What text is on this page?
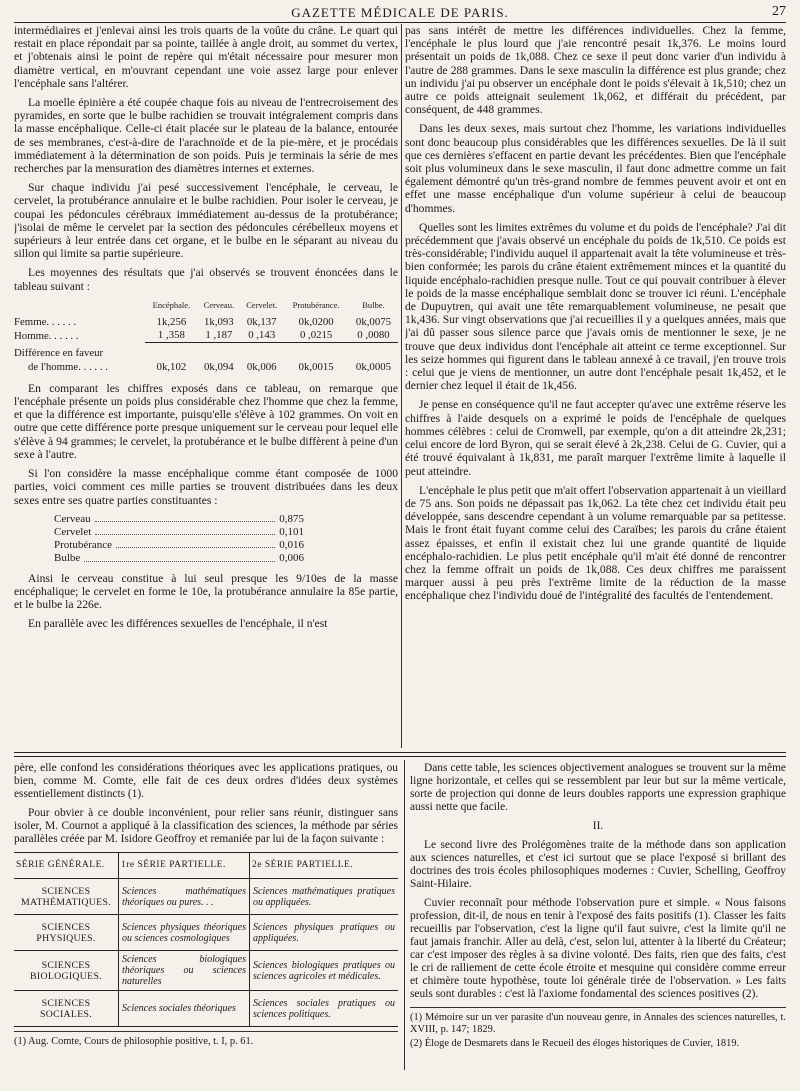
GAZETTE MÉDICALE DE PARIS.	27

intermédiaires et j'enlevai ainsi les trois quarts de la voûte du crâne. Le quart qui restait en place répondait par sa pointe, taillée à angle droit, au sommet du vertex, et j'obtenais ainsi le point de repère qui m'était nécessaire pour mesurer mon diamètre vertical, en m'ouvrant cependant une voie assez large pour enlever l'encéphale sans l'altérer.

La moelle épinière a été coupée chaque fois au niveau de l'entrecroisement des pyramides, en sorte que le bulbe rachidien se trouvait intégralement compris dans la masse encéphalique. Celle-ci était placée sur le plateau de la balance, entourée de ses membranes, c'est-à-dire de l'arachnoïde et de la pie-mère, et je procédais immédiatement à la détermination de son poids. Puis je terminais la série de mes recherches par la mensuration des diamètres internes et externes.

Sur chaque individu j'ai pesé successivement l'encéphale, le cerveau, le cervelet, la protubérance annulaire et le bulbe rachidien. Pour isoler le cerveau, je coupai les pédoncules cérébraux immédiatement au-dessus de la protubérance; j'isolai de même le cervelet par la section des pédoncules cérébelleux moyens et supérieurs à leur entrée dans cet organe, et le bulbe en le séparant au niveau du sillon qui limite sa partie supérieure.

Les moyennes des résultats que j'ai observés se trouvent énoncées dans le tableau suivant :

	Encéphale.	Cerveau.	Cervelet.	Protubérance.	Bulbe.
Femme. . . . . .	1k,256	1k,093	0k,137	0k,0200	0k,0075
Homme. . . . . .	1 ,358	1 ,187	0 ,143	0 ,0215	0 ,0080

Différence en faveur					
de l'homme. . . . . .	0k,102	0k,094	0k,006	0k,0015	0k,0005

En comparant les chiffres exposés dans ce tableau, on remarque que l'encéphale présente un poids plus considérable chez l'homme que chez la femme, et que la différence est importante, puisqu'elle s'élève à 102 grammes. On voit en outre que cette différence porte presque uniquement sur le cerveau pour lequel elle s'élève à 94 grammes; le cervelet, la protubérance et le bulbe diffèrent à peine d'un sexe à l'autre.

Si l'on considère la masse encéphalique comme étant composée de 1000 parties, voici comment ces mille parties se trouvent distribuées dans les deux sexes entre ses quatre parties constituantes :

Cerveau	0,875
Cervelet	0,101
Protubérance	0,016
Bulbe	0,006

Ainsi le cerveau constitue à lui seul presque les 9/10es de la masse encéphalique; le cervelet en forme le 10e, la protubérance annulaire la 85e partie, et le bulbe la 226e.

En parallèle avec les différences sexuelles de l'encéphale, il n'est

pas sans intérêt de mettre les différences individuelles. Chez la femme, l'encéphale le plus lourd que j'aie rencontré pesait 1k,376. Le moins lourd présentait un poids de 1k,088. Chez ce sexe il peut donc varier d'un individu à l'autre de 288 grammes. Dans le sexe masculin la différence est plus grande; chez un individu j'ai pu observer un encéphale dont le poids s'élevait à 1k,510; chez un autre ce poids atteignait seulement 1k,062, et différait du précédent, par conséquent, de 448 grammes.

Dans les deux sexes, mais surtout chez l'homme, les variations individuelles sont donc beaucoup plus considérables que les différences sexuelles. De là il suit que ces dernières s'effacent en partie devant les précédentes. Bien que l'encéphale soit plus volumineux dans le sexe masculin, il faut donc admettre comme un fait également démontré qu'un très-grand nombre de femmes peuvent avoir et ont en effet une masse encéphalique d'un volume supérieur à celui de beaucoup d'hommes.

Quelles sont les limites extrêmes du volume et du poids de l'encéphale? J'ai dit précédemment que j'avais observé un encéphale du poids de 1k,510. Ce poids est très-considérable; l'individu auquel il appartenait avait la tête volumineuse et très-bien conformée; les parois du crâne étaient extrêmement minces et la quantité du liquide encéphalo-rachidien presque nulle. Tout ce qui pouvait contribuer à élever le poids de la masse encéphalique semblait donc se trouver ici réuni. L'encéphale de Dupuytren, qui avait une tête remarquablement volumineuse, ne pesait que 1k,436. Sur vingt observations que j'ai recueillies il y a quelques années, mais que j'ai dû passer sous silence parce que j'avais omis de mentionner le sexe, je ne trouve que deux individus dont l'encéphale ait atteint ce terme exceptionnel. Sur les seize hommes qui figurent dans le tableau annexé à ce travail, j'en trouve trois : celui que je viens de mentionner, un autre dont l'encéphale pesait 1k,452, et le dernier chez lequel il était de 1k,456.

Je pense en conséquence qu'il ne faut accepter qu'avec une extrême réserve les chiffres à l'aide desquels on a exprimé le poids de l'encéphale de quelques hommes célèbres : celui de Cromwell, par exemple, qu'on a dit atteindre 2k,231; celui encore de lord Byron, qui se serait élevé à 2k,238. Celui de G. Cuvier, qui a été trouvé équivalant à 1k,831, me paraît marquer l'extrême limite à laquelle il peut atteindre.

L'encéphale le plus petit que m'ait offert l'observation appartenait à un vieillard de 75 ans. Son poids ne dépassait pas 1k,062. La tête chez cet individu était peu développée, sans descendre cependant à un volume remarquable par sa petitesse. Mais le front était fuyant comme celui des Caraïbes; les parois du crâne étaient assez épaisses, et enfin il existait chez lui une grande quantité de liquide encéphalo-rachidien. Le plus petit encéphale qu'il m'ait été donné de rencontrer chez la femme offrait un poids de 1k,088. Ces deux chiffres me paraissent marquer aussi à peu près l'extrême limite de la réduction de la masse encéphalique chez l'individu doué de l'intégralité des facultés de l'entendement.

père, elle confond les considérations théoriques avec les applications pratiques, ou bien, comme M. Comte, elle fait de ces deux ordres d'idées deux systèmes essentiellement distincts (1).

Pour obvier à ce double inconvénient, pour relier sans réunir, distinguer sans isoler, M. Cournot a appliqué à la classification des sciences, la méthode par séries parallèles créée par M. Isidore Geoffroy et remaniée par lui de la façon suivante :

SÉRIE GÉNÉRALE.	1re SÉRIE PARTIELLE.	2e SÉRIE PARTIELLE.
SCIENCES MATHÉMATIQUES.	Sciences mathématiques théoriques ou pures. . .	Sciences mathématiques pratiques ou appliquées.
SCIENCES PHYSIQUES.	Sciences physiques théoriques ou sciences cosmologiques	Sciences physiques pratiques ou appliquées.
SCIENCES BIOLOGIQUES.	Sciences biologiques théoriques ou sciences naturelles	Sciences biologiques pratiques ou sciences agricoles et médicales.
SCIENCES SOCIALES.	Sciences sociales théoriques	Sciences sociales pratiques ou sciences politiques.
(1) Aug. Comte, Cours de philosophie positive, t. I, p. 61.

Dans cette table, les sciences objectivement analogues se trouvent sur la même ligne horizontale, et celles qui se ressemblent par leur but sur la même verticale, sorte de projection qui donne de leurs doubles rapports une expression graphique aussi nette que facile.

II.

Le second livre des Prolégomènes traite de la méthode dans son application aux sciences naturelles, et c'est ici surtout que se place l'exposé si brillant des doctrines des trois écoles philosophiques modernes : Cuvier, Schelling, Geoffroy Saint-Hilaire.

Cuvier reconnaît pour méthode l'observation pure et simple. « Nous faisons profession, dit-il, de nous en tenir à l'exposé des faits positifs (1). Classer les faits recueillis par l'observation, c'est la ligne qu'il faut suivre, c'est la limite qu'il ne faut jamais franchir. Aller au delà, c'est, selon lui, attenter à la liberté du Créateur; car c'est imposer des règles à sa divine volonté. Des faits, rien que des faits, c'est le cri de ralliement de cette école étroite et mesquine qui considère comme erreur et chimère toute hypothèse, toute loi générale tirée de l'observation. » Les faits seuls sont durables : c'est là l'axiome fondamental des sciences positives (2).

(1) Mémoire sur un ver parasite d'un nouveau genre, in Annales des sciences naturelles, t. XVIII, p. 147; 1829.
(2) Éloge de Desmarets dans le Recueil des éloges historiques de Cuvier, 1819.
